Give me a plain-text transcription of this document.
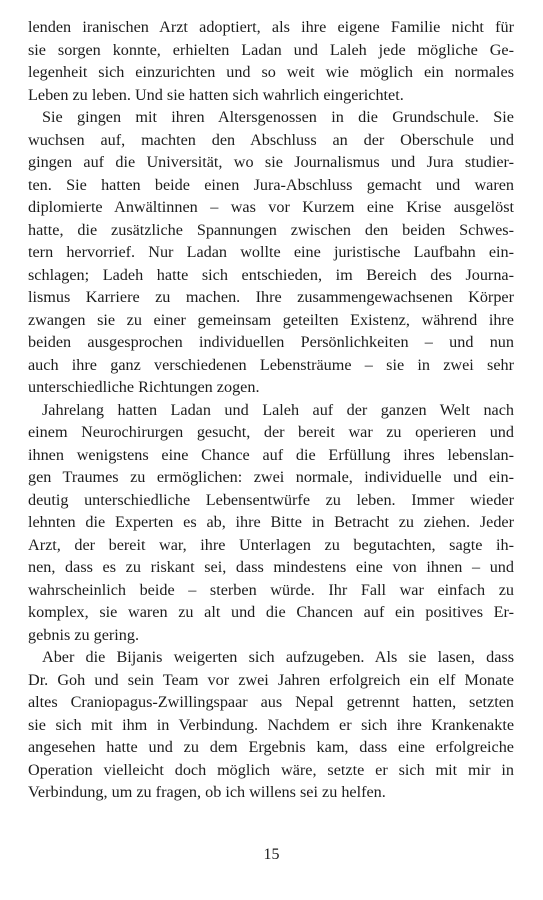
lenden iranischen Arzt adoptiert, als ihre eigene Familie nicht für
sie sorgen konnte, erhielten Ladan und Laleh jede mögliche Ge-
legenheit sich einzurichten und so weit wie möglich ein normales
Leben zu leben. Und sie hatten sich wahrlich eingerichtet.
Sie gingen mit ihren Altersgenossen in die Grundschule. Sie
wuchsen auf, machten den Abschluss an der Oberschule und
gingen auf die Universität, wo sie Journalismus und Jura studier-
ten. Sie hatten beide einen Jura-Abschluss gemacht und waren
diplomierte Anwältinnen – was vor Kurzem eine Krise ausgelöst
hatte, die zusätzliche Spannungen zwischen den beiden Schwes-
tern hervorrief. Nur Ladan wollte eine juristische Laufbahn ein-
schlagen; Ladeh hatte sich entschieden, im Bereich des Journa-
lismus Karriere zu machen. Ihre zusammengewachsenen Körper
zwangen sie zu einer gemeinsam geteilten Existenz, während ihre
beiden ausgesprochen individuellen Persönlichkeiten – und nun
auch ihre ganz verschiedenen Lebensträume – sie in zwei sehr
unterschiedliche Richtungen zogen.
Jahrelang hatten Ladan und Laleh auf der ganzen Welt nach
einem Neurochirurgen gesucht, der bereit war zu operieren und
ihnen wenigstens eine Chance auf die Erfüllung ihres lebenslan-
gen Traumes zu ermöglichen: zwei normale, individuelle und ein-
deutig unterschiedliche Lebensentwürfe zu leben. Immer wieder
lehnten die Experten es ab, ihre Bitte in Betracht zu ziehen. Jeder
Arzt, der bereit war, ihre Unterlagen zu begutachten, sagte ih-
nen, dass es zu riskant sei, dass mindestens eine von ihnen – und
wahrscheinlich beide – sterben würde. Ihr Fall war einfach zu
komplex, sie waren zu alt und die Chancen auf ein positives Er-
gebnis zu gering.
Aber die Bijanis weigerten sich aufzugeben. Als sie lasen, dass
Dr. Goh und sein Team vor zwei Jahren erfolgreich ein elf Monate
altes Craniopagus-Zwillingspaar aus Nepal getrennt hatten, setzten
sie sich mit ihm in Verbindung. Nachdem er sich ihre Krankenakte
angesehen hatte und zu dem Ergebnis kam, dass eine erfolgreiche
Operation vielleicht doch möglich wäre, setzte er sich mit mir in
Verbindung, um zu fragen, ob ich willens sei zu helfen.
15
